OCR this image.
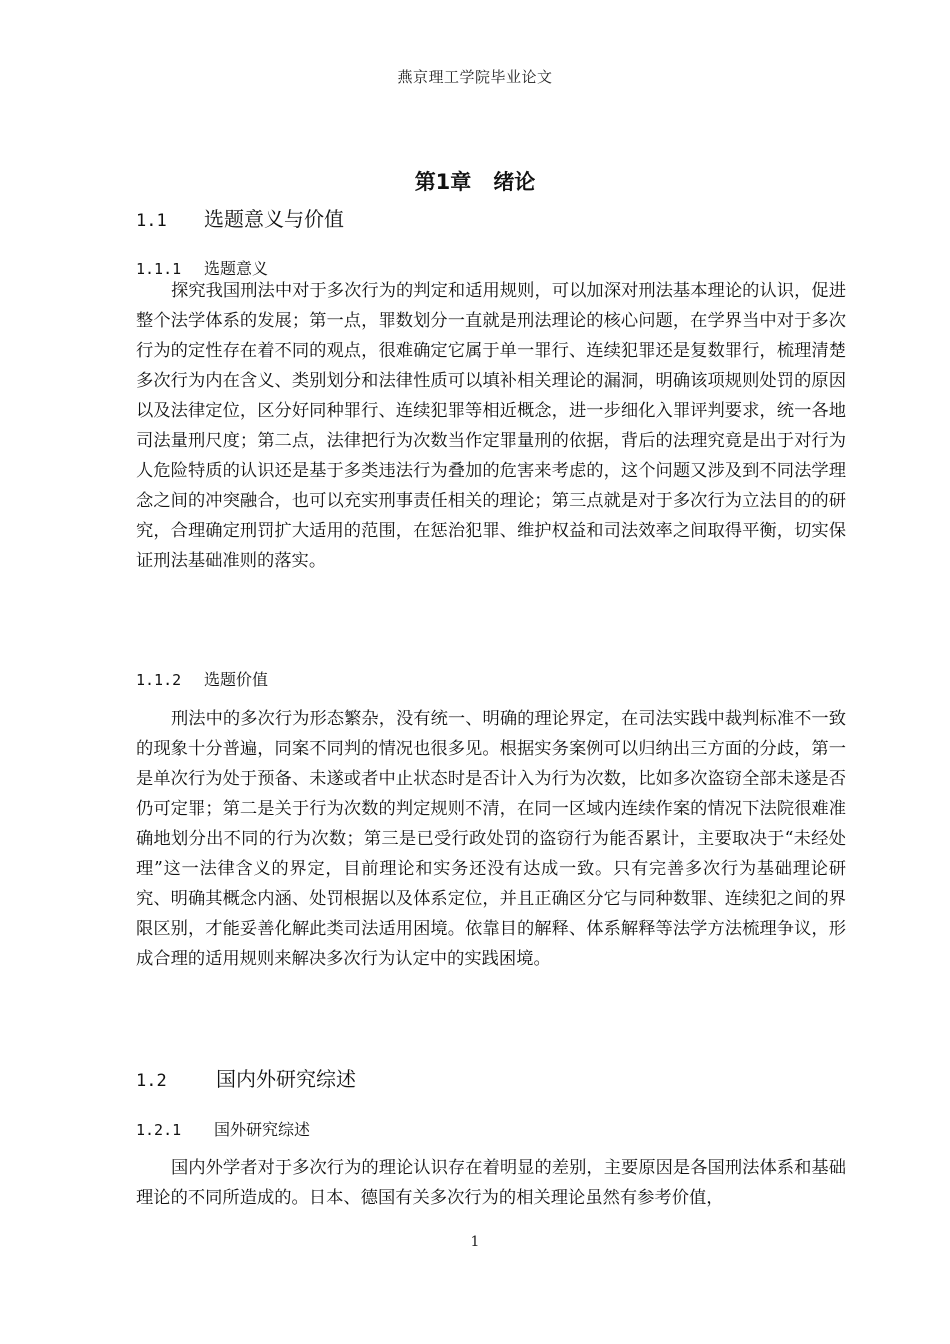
燕京理工学院毕业论文
第1章 绪论
1.1 选题意义与价值
1.1.1 选题意义

探究我国刑法中对于多次行为的判定和适用规则，可以加深对刑法基本理论的认识，促进整个法学体系的发展；第一点，罪数划分一直就是刑法理论的核心问题，在学界当中对于多次行为的定性存在着不同的观点，很难确定它属于单一罪行、连续犯罪还是复数罪行，梳理清楚多次行为内在含义、类别划分和法律性质可以填补相关理论的漏洞，明确该项规则处罚的原因以及法律定位，区分好同种罪行、连续犯罪等相近概念，进一步细化入罪评判要求，统一各地司法量刑尺度；第二点，法律把行为次数当作定罪量刑的依据，背后的法理究竟是出于对行为人危险特质的认识还是基于多类违法行为叠加的危害来考虑的，这个问题又涉及到不同法学理念之间的冲突融合，也可以充实刑事责任相关的理论；第三点就是对于多次行为立法目的的研究，合理确定刑罚扩大适用的范围，在惩治犯罪、维护权益和司法效率之间取得平衡，切实保证刑法基础准则的落实。

1.1.2 选题价值

刑法中的多次行为形态繁杂，没有统一、明确的理论界定，在司法实践中裁判标准不一致的现象十分普遍，同案不同判的情况也很多见。根据实务案例可以归纳出三方面的分歧，第一是单次行为处于预备、未遂或者中止状态时是否计入为行为次数，比如多次盗窃全部未遂是否仍可定罪；第二是关于行为次数的判定规则不清，在同一区域内连续作案的情况下法院很难准确地划分出不同的行为次数；第三是已受行政处罚的盗窃行为能否累计，主要取决于“未经处理”这一法律含义的界定，目前理论和实务还没有达成一致。只有完善多次行为基础理论研究、明确其概念内涵、处罚根据以及体系定位，并且正确区分它与同种数罪、连续犯之间的界限区别，才能妥善化解此类司法适用困境。依靠目的解释、体系解释等法学方法梳理争议，形成合理的适用规则来解决多次行为认定中的实践困境。

1.2 国内外研究综述
1.2.1 国外研究综述

国内外学者对于多次行为的理论认识存在着明显的差别，主要原因是各国刑法体系和基础理论的不同所造成的。日本、德国有关多次行为的相关理论虽然有参考价值，

1
